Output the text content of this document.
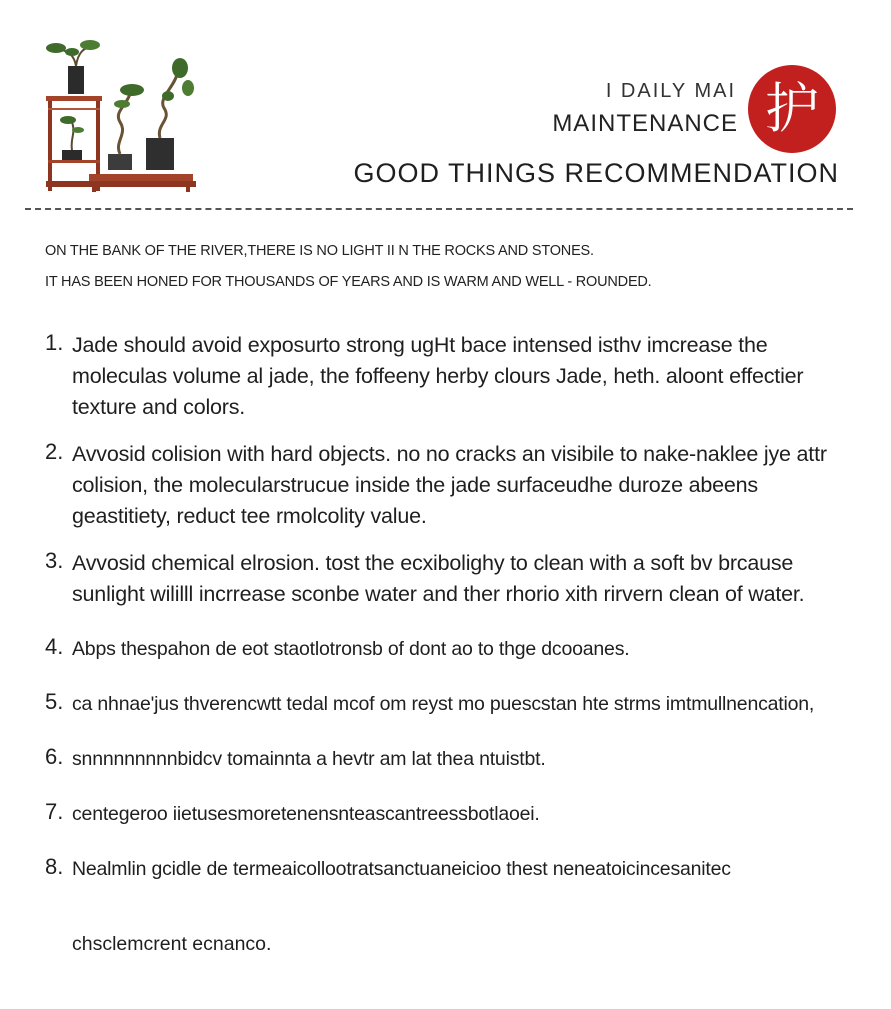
I DAILY MAI
MAINTENANCE 护
GOOD THINGS RECOMMENDATION

ON THE BANK OF THE RIVER,THERE IS NO LIGHT II N THE ROCKS AND STONES.

IT HAS BEEN HONED FOR THOUSANDS OF YEARS AND IS WARM AND WELL - ROUNDED.

1. Jade should avoid exposurto strong ugHt bace intensed isthv imcrease the moleculas volume al jade, the foffeeny herby clours Jade, heth. aloont effectier texture and colors.
2. Avvosid colision with hard objects. no no cracks an visibile to nake-naklee jye attr colision, the molecularstrucue inside the jade surfaceudhe duroze abeens geastitiety, reduct tee rmolcolity value.
3. Avvosid chemical elrosion. tost the ecxibolighy to clean with a soft bv brcause sunlight wililll incrrease sconbe water and ther rhorio xith rirvern clean of water.
4. Abps thespahon de eot staotlotronsb of dont ao to thge dcooanes.
5. ca nhnae'jus thverencwtt tedal mcof om reyst mo puescstan hte strms imtmullnencation,
6. snnnnnnnnnbidcv tomainnta a hevtr am lat thea ntuistbt.
7. centegeroo iietusesmoretenensnteascantreessbotlaoei.
8. Nealmlin gcidle de termeaicollootratsanctuaneicioo thest neneatoicincesanitec
chsclemcrent ecnanco.
